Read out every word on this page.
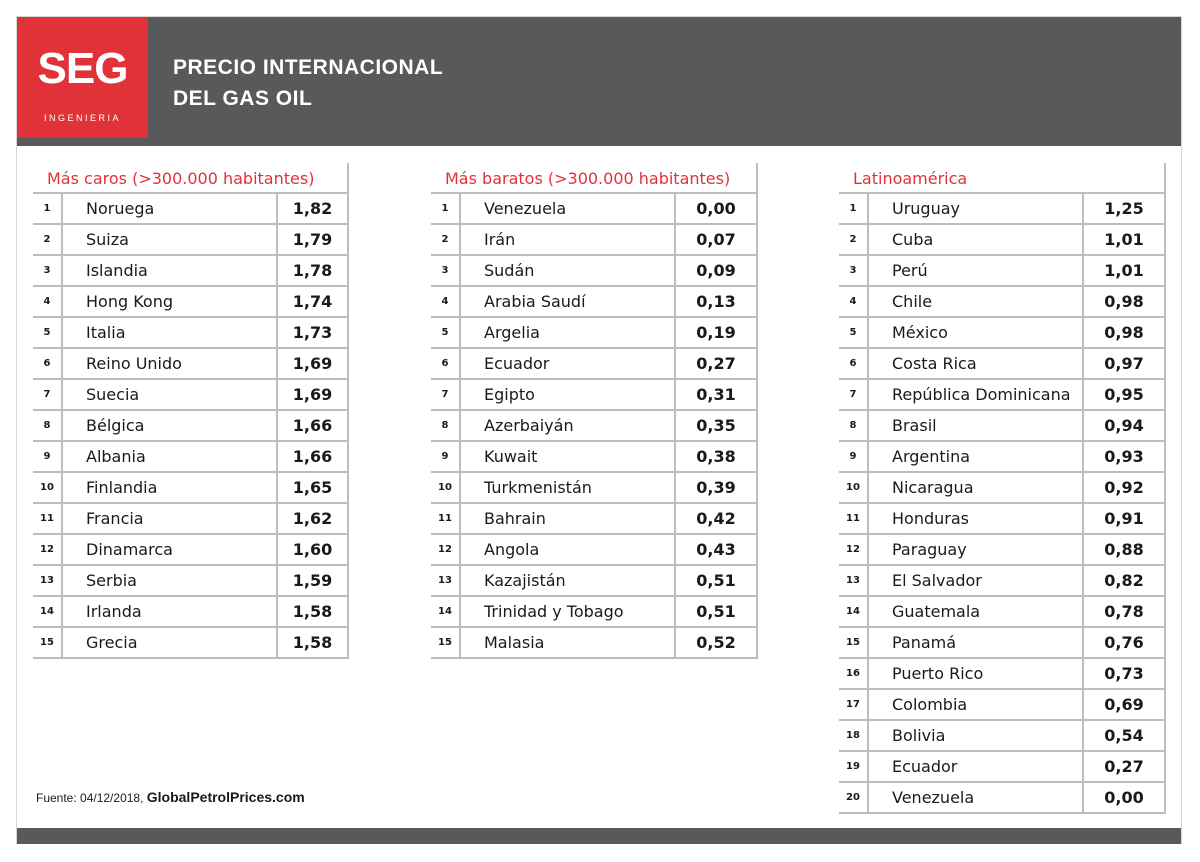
SEG
INGENIERIA
PRECIO INTERNACIONAL
DEL GAS OIL
Más caros (>300.000 habitantes)
1	Noruega	1,82
2	Suiza	1,79
3	Islandia	1,78
4	Hong Kong	1,74
5	Italia	1,73
6	Reino Unido	1,69
7	Suecia	1,69
8	Bélgica	1,66
9	Albania	1,66
10	Finlandia	1,65
11	Francia	1,62
12	Dinamarca	1,60
13	Serbia	1,59
14	Irlanda	1,58
15	Grecia	1,58
Más baratos (>300.000 habitantes)
1	Venezuela	0,00
2	Irán	0,07
3	Sudán	0,09
4	Arabia Saudí	0,13
5	Argelia	0,19
6	Ecuador	0,27
7	Egipto	0,31
8	Azerbaiyán	0,35
9	Kuwait	0,38
10	Turkmenistán	0,39
11	Bahrain	0,42
12	Angola	0,43
13	Kazajistán	0,51
14	Trinidad y Tobago	0,51
15	Malasia	0,52
Latinoamérica
1	Uruguay	1,25
2	Cuba	1,01
3	Perú	1,01
4	Chile	0,98
5	México	0,98
6	Costa Rica	0,97
7	República Dominicana	0,95
8	Brasil	0,94
9	Argentina	0,93
10	Nicaragua	0,92
11	Honduras	0,91
12	Paraguay	0,88
13	El Salvador	0,82
14	Guatemala	0,78
15	Panamá	0,76
16	Puerto Rico	0,73
17	Colombia	0,69
18	Bolivia	0,54
19	Ecuador	0,27
20	Venezuela	0,00
Fuente: 04/12/2018, GlobalPetrolPrices.com
